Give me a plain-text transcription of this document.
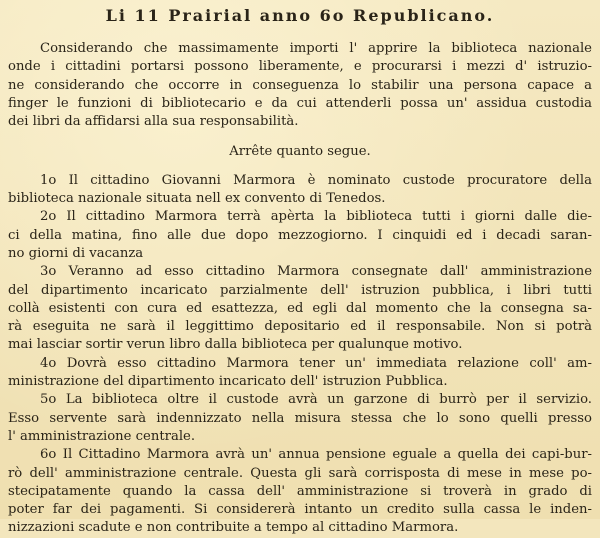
Li 11 Prairial anno 6o Republicano.
Considerando che massimamente importi l' apprire la biblioteca nazionale
onde i cittadini portarsi possono liberamente, e procurarsi i mezzi d' istruzio-
ne considerando che occorre in conseguenza lo stabilir una persona capace a
finger le funzioni di bibliotecario e da cui attenderli possa un' assidua custodia
dei libri da affidarsi alla sua responsabilità.
Arrête quanto segue.
1o Il cittadino Giovanni Marmora è nominato custode procuratore della
biblioteca nazionale situata nell ex convento di Tenedos.
2o Il cittadino Marmora terrà apèrta la biblioteca tutti i giorni dalle die-
ci della matina, fino alle due dopo mezzogiorno. I cinquidi ed i decadi saran-
no giorni di vacanza
3o Veranno ad esso cittadino Marmora consegnate dall' amministrazione
del dipartimento incaricato parzialmente dell' istruzion pubblica, i libri tutti
collà esistenti con cura ed esattezza, ed egli dal momento che la consegna sa-
rà eseguita ne sarà il leggittimo depositario ed il responsabile. Non si potrà
mai lasciar sortir verun libro dalla biblioteca per qualunque motivo.
4o Dovrà esso cittadino Marmora tener un' immediata relazione coll' am-
ministrazione del dipartimento incaricato dell' istruzion Pubblica.
5o La biblioteca oltre il custode avrà un garzone di burrò per il servizio.
Esso servente sarà indennizzato nella misura stessa che lo sono quelli presso
l' amministrazione centrale.
6o Il Cittadino Marmora avrà un' annua pensione eguale a quella dei capi-bur-
rò dell' amministrazione centrale. Questa gli sarà corrisposta di mese in mese po-
stecipatamente quando la cassa dell' amministrazione si troverà in grado di
poter far dei pagamenti. Si considererà intanto un credito sulla cassa le inden-
nizzazioni scadute e non contribuite a tempo al cittadino Marmora.
